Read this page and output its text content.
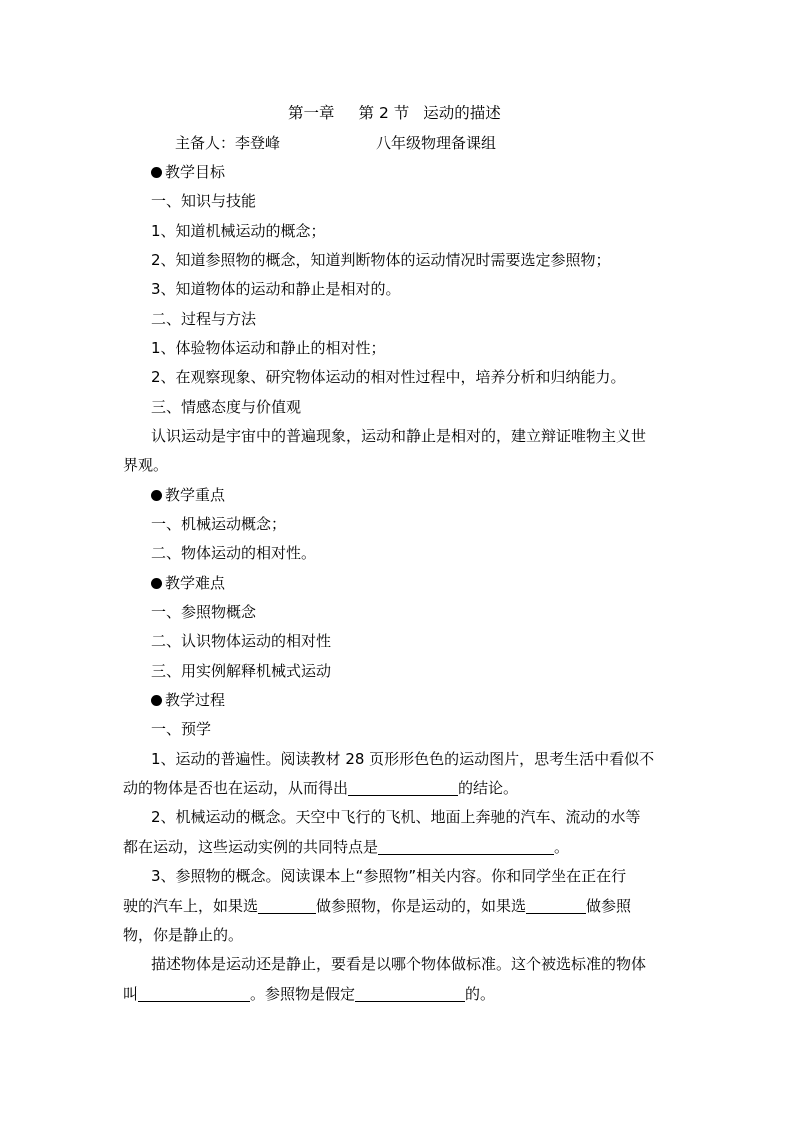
第一章 第 2 节 运动的描述
主备人：李登峰	八年级物理备课组
教学目标
一、知识与技能
1、知道机械运动的概念；
2、知道参照物的概念，知道判断物体的运动情况时需要选定参照物；
3、知道物体的运动和静止是相对的。
二、过程与方法
1、体验物体运动和静止的相对性；
2、在观察现象、研究物体运动的相对性过程中，培养分析和归纳能力。
三、情感态度与价值观
认识运动是宇宙中的普遍现象，运动和静止是相对的，建立辩证唯物主义世
界观。
教学重点
一、机械运动概念；
二、物体运动的相对性。
教学难点
一、参照物概念
二、认识物体运动的相对性
三、用实例解释机械式运动
教学过程
一、预学
1、运动的普遍性。阅读教材 28 页形形色色的运动图片，思考生活中看似不
动的物体是否也在运动，从而得出	的结论。
2、机械运动的概念。天空中飞行的飞机、地面上奔驰的汽车、流动的水等
都在运动，这些运动实例的共同特点是	。
3、参照物的概念。阅读课本上“参照物”相关内容。你和同学坐在正在行
驶的汽车上，如果选	做参照物，你是运动的，如果选	做参照
物，你是静止的。
描述物体是运动还是静止，要看是以哪个物体做标准。这个被选标准的物体
叫	。参照物是假定	的。
